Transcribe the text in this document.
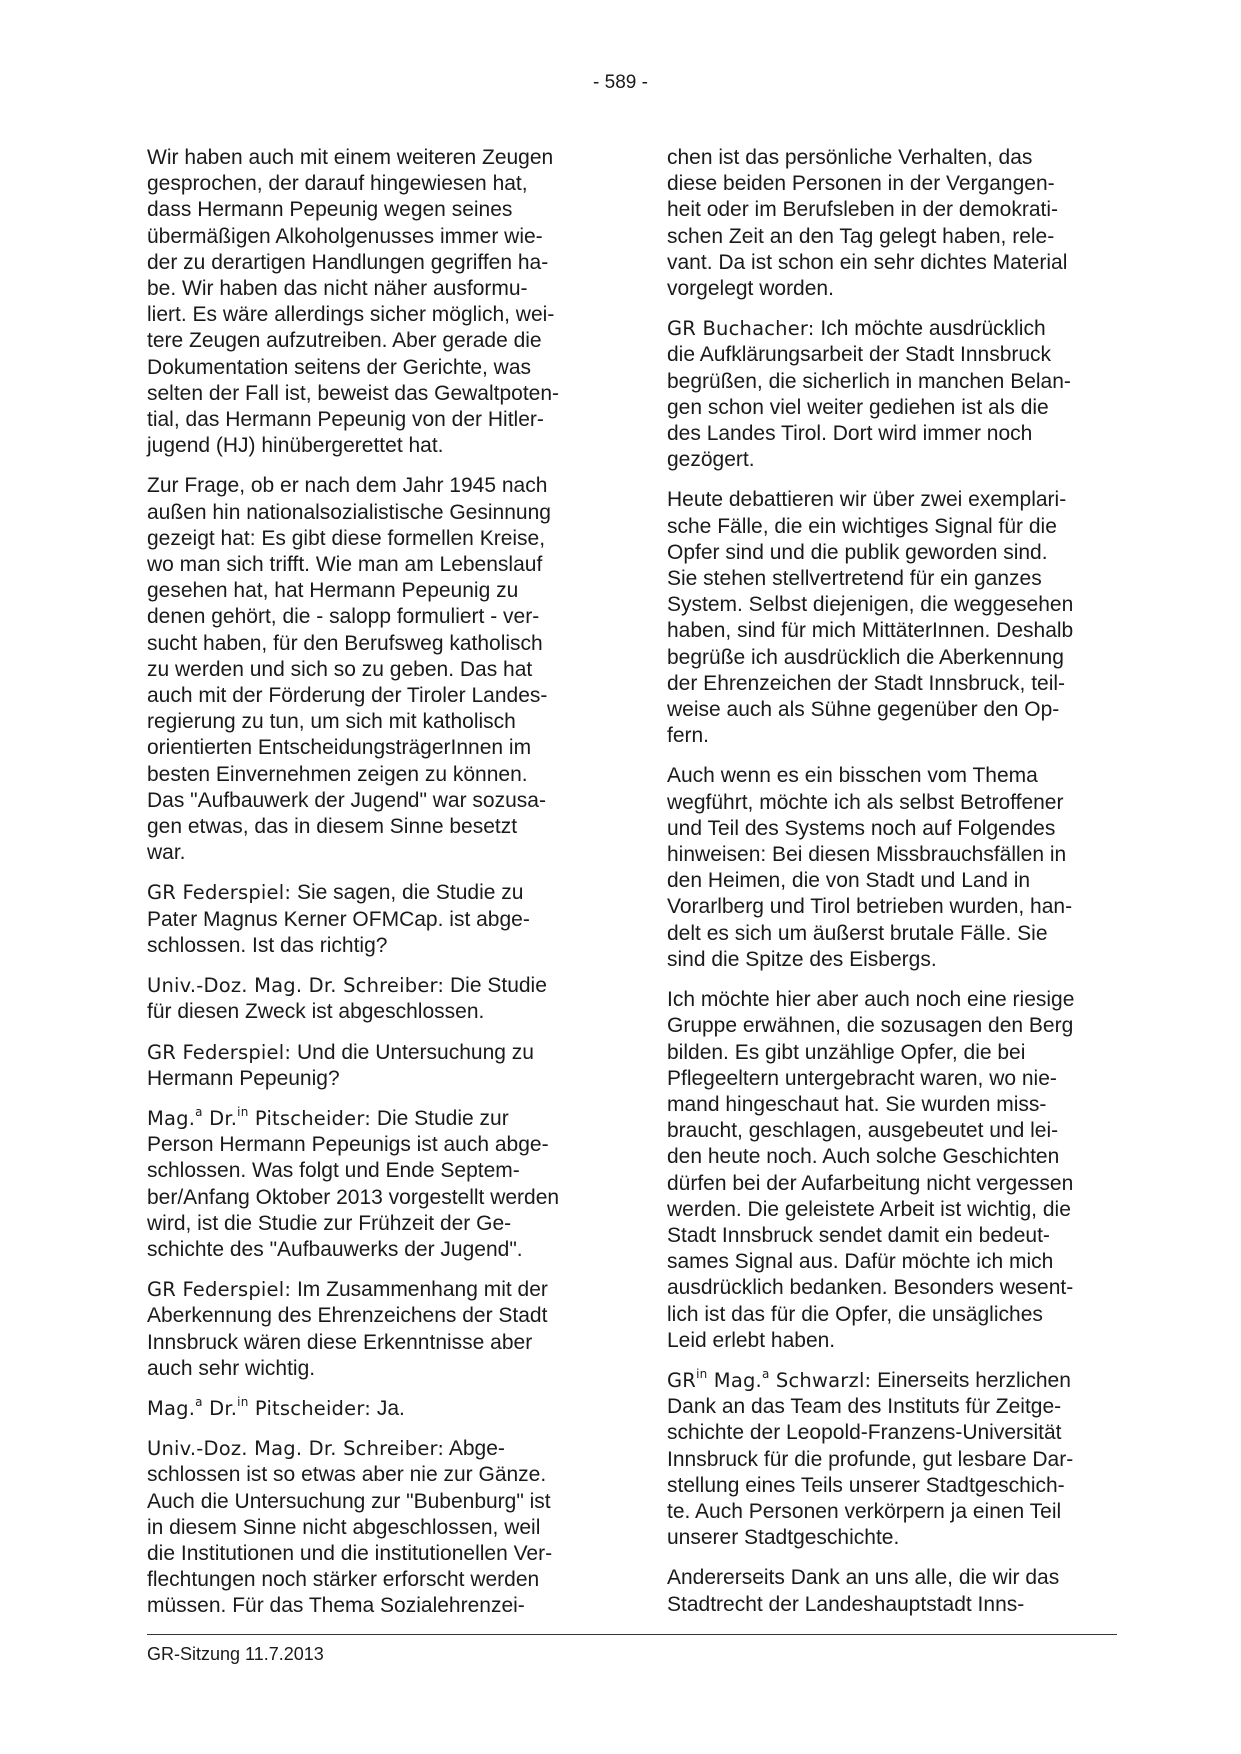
- 589 -

Wir haben auch mit einem weiteren Zeugen
gesprochen, der darauf hingewiesen hat,
dass Hermann Pepeunig wegen seines
übermäßigen Alkoholgenusses immer wie-
der zu derartigen Handlungen gegriffen ha-
be. Wir haben das nicht näher ausformu-
liert. Es wäre allerdings sicher möglich, wei-
tere Zeugen aufzutreiben. Aber gerade die
Dokumentation seitens der Gerichte, was
selten der Fall ist, beweist das Gewaltpoten-
tial, das Hermann Pepeunig von der Hitler-
jugend (HJ) hinübergerettet hat.

Zur Frage, ob er nach dem Jahr 1945 nach
außen hin nationalsozialistische Gesinnung
gezeigt hat: Es gibt diese formellen Kreise,
wo man sich trifft. Wie man am Lebenslauf
gesehen hat, hat Hermann Pepeunig zu
denen gehört, die - salopp formuliert - ver-
sucht haben, für den Berufsweg katholisch
zu werden und sich so zu geben. Das hat
auch mit der Förderung der Tiroler Landes-
regierung zu tun, um sich mit katholisch
orientierten EntscheidungsträgerInnen im
besten Einvernehmen zeigen zu können.
Das "Aufbauwerk der Jugend" war sozusa-
gen etwas, das in diesem Sinne besetzt
war.

GR Federspiel: Sie sagen, die Studie zu
Pater Magnus Kerner OFMCap. ist abge-
schlossen. Ist das richtig?

Univ.-Doz. Mag. Dr. Schreiber: Die Studie
für diesen Zweck ist abgeschlossen.

GR Federspiel: Und die Untersuchung zu
Hermann Pepeunig?

Mag.$^a$ Dr.$^{in}$ Pitscheider: Die Studie zur
Person Hermann Pepeunigs ist auch abge-
schlossen. Was folgt und Ende Septem-
ber/Anfang Oktober 2013 vorgestellt werden
wird, ist die Studie zur Frühzeit der Ge-
schichte des "Aufbauwerks der Jugend".

GR Federspiel: Im Zusammenhang mit der
Aberkennung des Ehrenzeichens der Stadt
Innsbruck wären diese Erkenntnisse aber
auch sehr wichtig.

Mag.$^a$ Dr.$^{in}$ Pitscheider: Ja.

Univ.-Doz. Mag. Dr. Schreiber: Abge-
schlossen ist so etwas aber nie zur Gänze.
Auch die Untersuchung zur "Bubenburg" ist
in diesem Sinne nicht abgeschlossen, weil
die Institutionen und die institutionellen Ver-
flechtungen noch stärker erforscht werden
müssen. Für das Thema Sozialehrenzei-

chen ist das persönliche Verhalten, das
diese beiden Personen in der Vergangen-
heit oder im Berufsleben in der demokrati-
schen Zeit an den Tag gelegt haben, rele-
vant. Da ist schon ein sehr dichtes Material
vorgelegt worden.

GR Buchacher: Ich möchte ausdrücklich
die Aufklärungsarbeit der Stadt Innsbruck
begrüßen, die sicherlich in manchen Belan-
gen schon viel weiter gediehen ist als die
des Landes Tirol. Dort wird immer noch
gezögert.

Heute debattieren wir über zwei exemplari-
sche Fälle, die ein wichtiges Signal für die
Opfer sind und die publik geworden sind.
Sie stehen stellvertretend für ein ganzes
System. Selbst diejenigen, die weggesehen
haben, sind für mich MittäterInnen. Deshalb
begrüße ich ausdrücklich die Aberkennung
der Ehrenzeichen der Stadt Innsbruck, teil-
weise auch als Sühne gegenüber den Op-
fern.

Auch wenn es ein bisschen vom Thema
wegführt, möchte ich als selbst Betroffener
und Teil des Systems noch auf Folgendes
hinweisen: Bei diesen Missbrauchsfällen in
den Heimen, die von Stadt und Land in
Vorarlberg und Tirol betrieben wurden, han-
delt es sich um äußerst brutale Fälle. Sie
sind die Spitze des Eisbergs.

Ich möchte hier aber auch noch eine riesige
Gruppe erwähnen, die sozusagen den Berg
bilden. Es gibt unzählige Opfer, die bei
Pflegeeltern untergebracht waren, wo nie-
mand hingeschaut hat. Sie wurden miss-
braucht, geschlagen, ausgebeutet und lei-
den heute noch. Auch solche Geschichten
dürfen bei der Aufarbeitung nicht vergessen
werden. Die geleistete Arbeit ist wichtig, die
Stadt Innsbruck sendet damit ein bedeut-
sames Signal aus. Dafür möchte ich mich
ausdrücklich bedanken. Besonders wesent-
lich ist das für die Opfer, die unsägliches
Leid erlebt haben.

$GR^{in}$ Mag.$^a$ Schwarzl: Einerseits herzlichen
Dank an das Team des Instituts für Zeitge-
schichte der Leopold-Franzens-Universität
Innsbruck für die profunde, gut lesbare Dar-
stellung eines Teils unserer Stadtgeschich-
te. Auch Personen verkörpern ja einen Teil
unserer Stadtgeschichte.

Andererseits Dank an uns alle, die wir das
Stadtrecht der Landeshauptstadt Inns-

GR-Sitzung 11.7.2013
